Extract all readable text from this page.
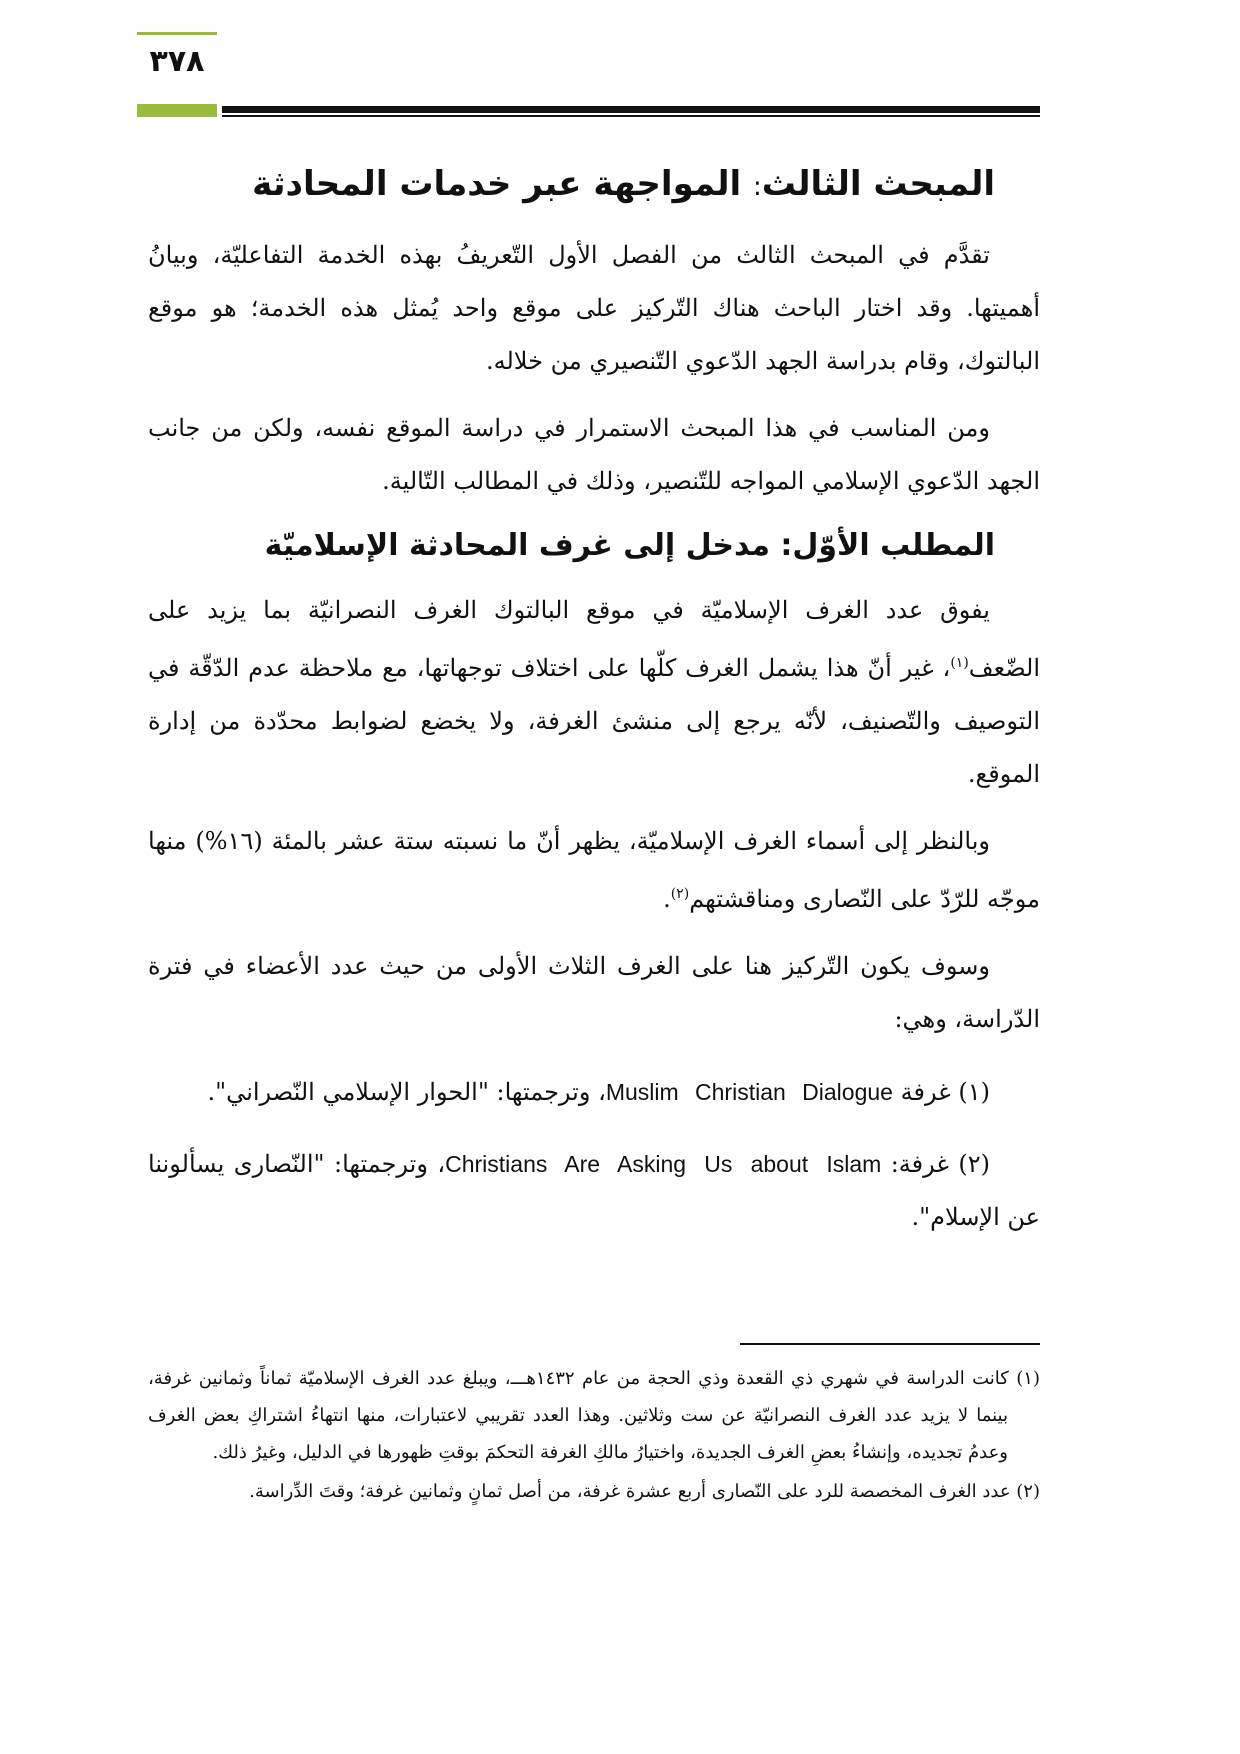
٣٧٨
المبحث الثالث: المواجهة عبر خدمات المحادثة

تقدَّم في المبحث الثالث من الفصل الأول التّعريفُ بهذه الخدمة التفاعليّة، وبيانُ أهميتها. وقد اختار الباحث هناك التّركيز على موقع واحد يُمثل هذه الخدمة؛ هو موقع البالتوك، وقام بدراسة الجهد الدّعوي التّنصيري من خلاله.

ومن المناسب في هذا المبحث الاستمرار في دراسة الموقع نفسه، ولكن من جانب الجهد الدّعوي الإسلامي المواجه للتّنصير، وذلك في المطالب التّالية.

المطلب الأوّل: مدخل إلى غرف المحادثة الإسلاميّة

يفوق عدد الغرف الإسلاميّة في موقع البالتوك الغرف النصرانيّة بما يزيد على الضّعف$^{(١)}$، غير أنّ هذا يشمل الغرف كلّها على اختلاف توجهاتها، مع ملاحظة عدم الدّقّة في التوصيف والتّصنيف، لأنّه يرجع إلى منشئ الغرفة، ولا يخضع لضوابط محدّدة من إدارة الموقع.

وبالنظر إلى أسماء الغرف الإسلاميّة، يظهر أنّ ما نسبته ستة عشر بالمئة (١٦%) منها موجّه للرّدّ على النّصارى ومناقشتهم$^{(٢)}$.

وسوف يكون التّركيز هنا على الغرف الثلاث الأولى من حيث عدد الأعضاء في فترة الدّراسة، وهي:

(١) غرفة Muslim Christian Dialogue، وترجمتها: "الحوار الإسلامي النّصراني".

(٢) غرفة: Christians Are Asking Us about Islam، وترجمتها: "النّصارى يسألوننا عن الإسلام".

(١) كانت الدراسة في شهري ذي القعدة وذي الحجة من عام ١٤٣٢هـــ، ويبلغ عدد الغرف الإسلاميّة ثماناً وثمانين غرفة، بينما لا يزيد عدد الغرف النصرانيّة عن ست وثلاثين. وهذا العدد تقريبي لاعتبارات، منها انتهاءُ اشتراكِ بعض الغرف وعدمُ تجديده، وإنشاءُ بعضِ الغرف الجديدة، واختيارُ مالكِ الغرفة التحكمَ بوقتِ ظهورها في الدليل، وغيرُ ذلك.

(٢) عدد الغرف المخصصة للرد على النّصارى أربع عشرة غرفة، من أصل ثمانٍ وثمانين غرفة؛ وقتَ الدِّراسة.
